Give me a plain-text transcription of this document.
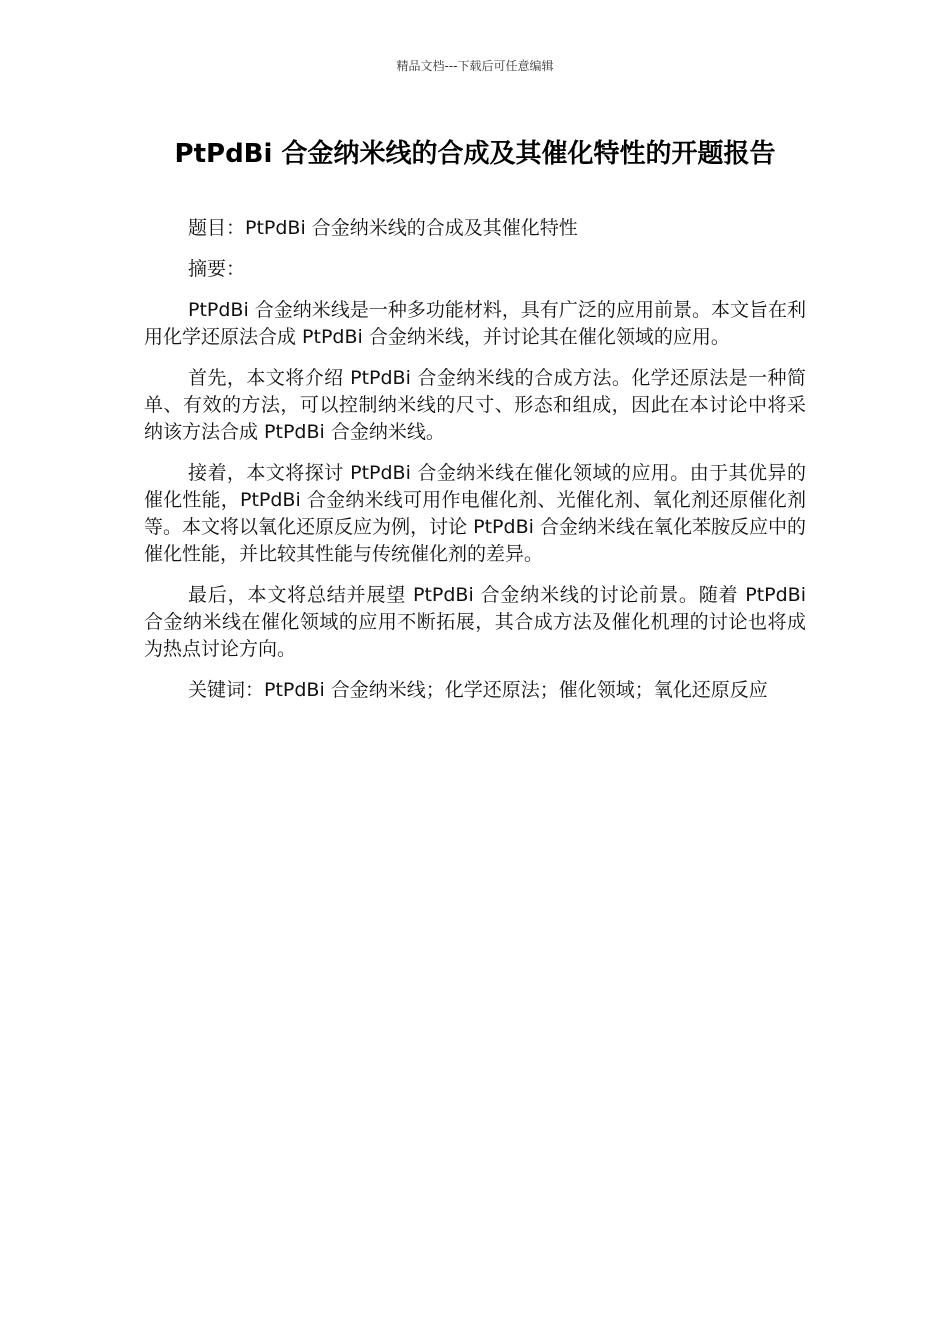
精品文档---下载后可任意编辑
PtPdBi 合金纳米线的合成及其催化特性的开题报告

题目：PtPdBi 合金纳米线的合成及其催化特性

摘要：

PtPdBi 合金纳米线是一种多功能材料，具有广泛的应用前景。本文旨在利用化学还原法合成 PtPdBi 合金纳米线，并讨论其在催化领域的应用。

首先，本文将介绍 PtPdBi 合金纳米线的合成方法。化学还原法是一种简单、有效的方法，可以控制纳米线的尺寸、形态和组成，因此在本讨论中将采纳该方法合成 PtPdBi 合金纳米线。

接着，本文将探讨 PtPdBi 合金纳米线在催化领域的应用。由于其优异的催化性能，PtPdBi 合金纳米线可用作电催化剂、光催化剂、氧化剂还原催化剂等。本文将以氧化还原反应为例，讨论 PtPdBi 合金纳米线在氧化苯胺反应中的催化性能，并比较其性能与传统催化剂的差异。

最后，本文将总结并展望 PtPdBi 合金纳米线的讨论前景。随着 PtPdBi 合金纳米线在催化领域的应用不断拓展，其合成方法及催化机理的讨论也将成为热点讨论方向。

关键词：PtPdBi 合金纳米线；化学还原法；催化领域；氧化还原反应
